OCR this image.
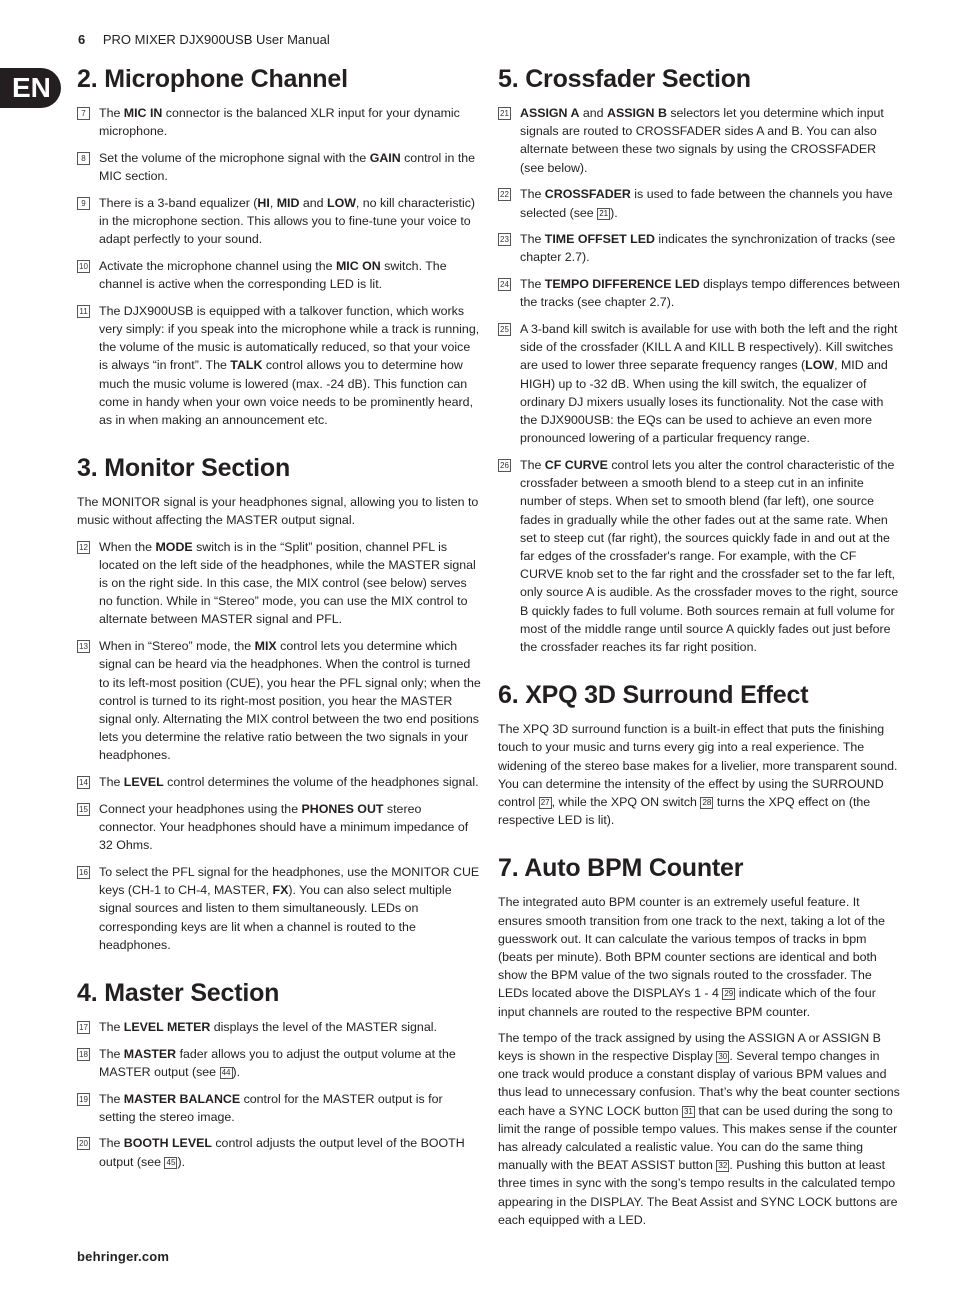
6 PRO MIXER DJX900USB User Manual
EN	2. Microphone Channel
7	The MIC IN connector is the balanced XLR input for your dynamic microphone.
8	Set the volume of the microphone signal with the GAIN control in the MIC section.
9	There is a 3-band equalizer (HI, MID and LOW, no kill characteristic) in the microphone section. This allows you to fine-tune your voice to adapt perfectly to your sound.
10 Activate the microphone channel using the MIC ON switch. The channel is active when the corresponding LED is lit.
11 The DJX900USB is equipped with a talkover function, which works very simply: if you speak into the microphone while a track is running, the volume of the music is automatically reduced, so that your voice is always “in front”. The TALK control allows you to determine how much the music volume is lowered (max. -24 dB). This function can come in handy when your own voice needs to be prominently heard, as in when making an announcement etc.
3. Monitor Section

The MONITOR signal is your headphones signal, allowing you to listen to music without affecting the MASTER output signal.

12 When the MODE switch is in the “Split” position, channel PFL is located on the left side of the headphones, while the MASTER signal is on the right side. In this case, the MIX control (see below) serves no function. While in “Stereo” mode, you can use the MIX control to alternate between MASTER signal and PFL.
13 When in “Stereo” mode, the MIX control lets you determine which signal can be heard via the headphones. When the control is turned to its left-most position (CUE), you hear the PFL signal only; when the control is turned to its right-most position, you hear the MASTER signal only. Alternating the MIX control between the two end positions lets you determine the relative ratio between the two signals in your headphones.
14 The LEVEL control determines the volume of the headphones signal.
15 Connect your headphones using the PHONES OUT stereo connector. Your headphones should have a minimum impedance of 32 Ohms.
16 To select the PFL signal for the headphones, use the MONITOR CUE keys (CH-1 to CH-4, MASTER, FX). You can also select multiple signal sources and listen to them simultaneously. LEDs on corresponding keys are lit when a channel is routed to the headphones.
4. Master Section
17 The LEVEL METER displays the level of the MASTER signal.
18 The MASTER fader allows you to adjust the output volume at the MASTER output (see 44 ).
19 The MASTER BALANCE control for the MASTER output is for setting the stereo image.
20 The BOOTH LEVEL control adjusts the output level of the BOOTH output (see 45 ).
5. Crossfader Section
21 ASSIGN A and ASSIGN B selectors let you determine which input signals are routed to CROSSFADER sides A and B. You can also alternate between these two signals by using the CROSSFADER (see below).
22 The CROSSFADER is used to fade between the channels you have selected (see 21 ).
23 The TIME OFFSET LED indicates the synchronization of tracks (see chapter 2.7).
24 The TEMPO DIFFERENCE LED displays tempo differences between the tracks (see chapter 2.7).
25 A 3-band kill switch is available for use with both the left and the right side of the crossfader (KILL A and KILL B respectively). Kill switches are used to lower three separate frequency ranges (LOW, MID and HIGH) up to -32 dB. When using the kill switch, the equalizer of ordinary DJ mixers usually loses its functionality. Not the case with the DJX900USB: the EQs can be used to achieve an even more pronounced lowering of a particular frequency range.
26 The CF CURVE control lets you alter the control characteristic of the crossfader between a smooth blend to a steep cut in an infinite number of steps. When set to smooth blend (far left), one source fades in gradually while the other fades out at the same rate. When set to steep cut (far right), the sources quickly fade in and out at the far edges of the crossfader's range. For example, with the CF CURVE knob set to the far right and the crossfader set to the far left, only source A is audible. As the crossfader moves to the right, source B quickly fades to full volume. Both sources remain at full volume for most of the middle range until source A quickly fades out just before the crossfader reaches its far right position.
6. XPQ 3D Surround Effect

The XPQ 3D surround function is a built-in effect that puts the finishing touch to your music and turns every gig into a real experience. The widening of the stereo base makes for a livelier, more transparent sound. You can determine the intensity of the effect by using the SURROUND control 27 , while the XPQ ON switch 28 turns the XPQ effect on (the respective LED is lit).

7. Auto BPM Counter

The integrated auto BPM counter is an extremely useful feature. It ensures smooth transition from one track to the next, taking a lot of the guesswork out. It can calculate the various tempos of tracks in bpm (beats per minute). Both BPM counter sections are identical and both show the BPM value of the two signals routed to the crossfader. The LEDs located above the DISPLAYs 1 - 4 29 indicate which of the four input channels are routed to the respective BPM counter.

The tempo of the track assigned by using the ASSIGN A or ASSIGN B keys is shown in the respective Display 30 . Several tempo changes in one track would produce a constant display of various BPM values and thus lead to unnecessary confusion. That’s why the beat counter sections each have a SYNC LOCK button 31 that can be used during the song to limit the range of possible tempo values. This makes sense if the counter has already calculated a realistic value. You can do the same thing manually with the BEAT ASSIST button 32 . Pushing this button at least three times in sync with the song’s tempo results in the calculated tempo appearing in the DISPLAY. The Beat Assist and SYNC LOCK buttons are each equipped with a LED.

behringer.com
